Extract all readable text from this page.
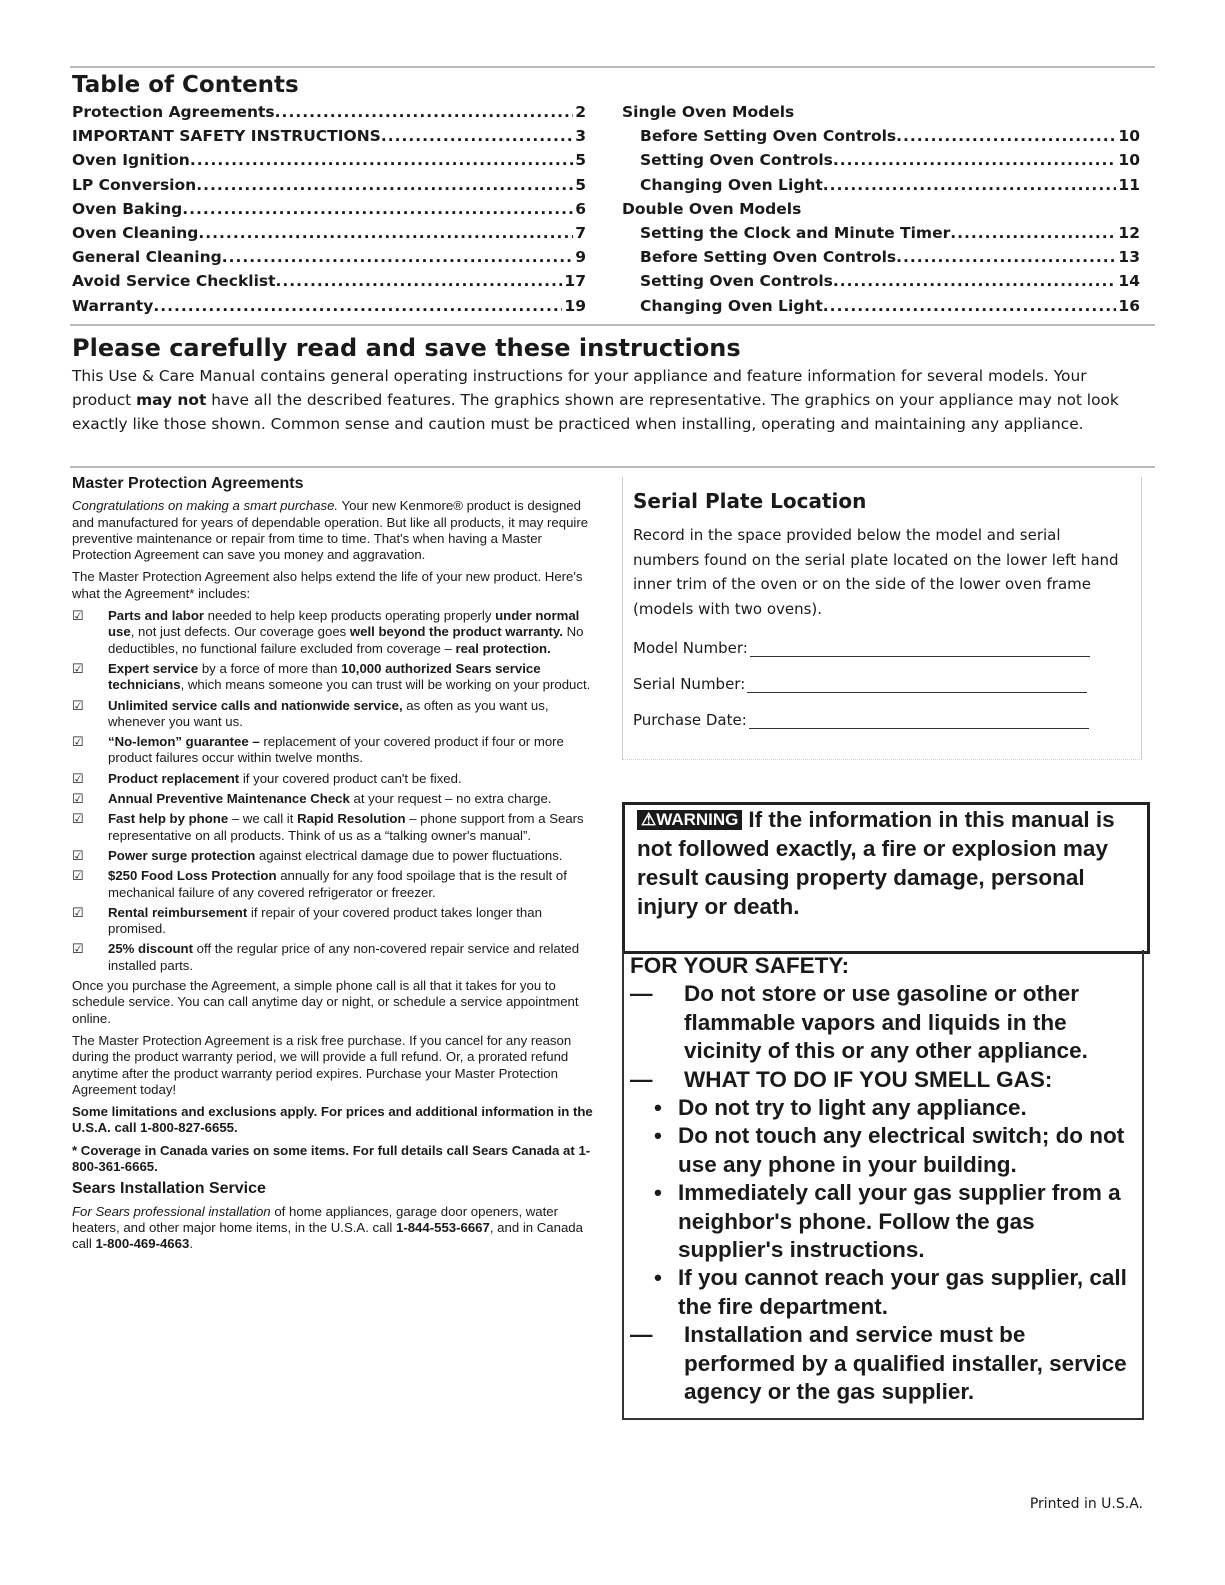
Table of Contents
Protection Agreements .....	2
IMPORTANT SAFETY INSTRUCTIONS .....	3
Oven Ignition .....	5
LP Conversion .....	5
Oven Baking .....	6
Oven Cleaning .....	7
General Cleaning .....	9
Avoid Service Checklist .....	17
Warranty .....	19
Single Oven Models
Before Setting Oven Controls .....	10
Setting Oven Controls .....	10
Changing Oven Light .....	11
Double Oven Models
Setting the Clock and Minute Timer .....	12
Before Setting Oven Controls .....	13
Setting Oven Controls .....	14
Changing Oven Light .....	16
Please carefully read and save these instructions
This Use & Care Manual contains general operating instructions for your appliance and feature information for several models. Your product may not have all the described features. The graphics shown are representative. The graphics on your appliance may not look exactly like those shown. Common sense and caution must be practiced when installing, operating and maintaining any appliance.
Master Protection Agreements

Congratulations on making a smart purchase. Your new Kenmore® product is designed and manufactured for years of dependable operation. But like all products, it may require preventive maintenance or repair from time to time. That's when having a Master Protection Agreement can save you money and aggravation.

The Master Protection Agreement also helps extend the life of your new product. Here's what the Agreement* includes:

☑	Parts and labor needed to help keep products operating properly under normal use, not just defects. Our coverage goes well beyond the product warranty. No deductibles, no functional failure excluded from coverage – real protection.
☑	Expert service by a force of more than 10,000 authorized Sears service technicians, which means someone you can trust will be working on your product.
☑	Unlimited service calls and nationwide service, as often as you want us, whenever you want us.
☑	“No-lemon” guarantee – replacement of your covered product if four or more product failures occur within twelve months.
☑	Product replacement if your covered product can't be fixed.
☑	Annual Preventive Maintenance Check at your request – no extra charge.
☑	Fast help by phone – we call it Rapid Resolution – phone support from a Sears representative on all products. Think of us as a “talking owner's manual”.
☑	Power surge protection against electrical damage due to power fluctuations.
☑	$250 Food Loss Protection annually for any food spoilage that is the result of mechanical failure of any covered refrigerator or freezer.
☑	Rental reimbursement if repair of your covered product takes longer than promised.
☑	25% discount off the regular price of any non-covered repair service and related installed parts.

Once you purchase the Agreement, a simple phone call is all that it takes for you to schedule service. You can call anytime day or night, or schedule a service appointment online.

The Master Protection Agreement is a risk free purchase. If you cancel for any reason during the product warranty period, we will provide a full refund. Or, a prorated refund anytime after the product warranty period expires. Purchase your Master Protection Agreement today!

Some limitations and exclusions apply. For prices and additional information in the U.S.A. call 1-800-827-6655.

* Coverage in Canada varies on some items. For full details call Sears Canada at 1-800-361-6665.

Sears Installation Service

For Sears professional installation of home appliances, garage door openers, water heaters, and other major home items, in the U.S.A. call 1-844-553-6667, and in Canada call 1-800-469-4663.

Serial Plate Location
Record in the space provided below the model and serial numbers found on the serial plate located on the lower left hand inner trim of the oven or on the side of the lower oven frame (models with two ovens).
Model Number:
Serial Number:
Purchase Date:
⚠WARNING If the information in this manual is not followed exactly, a fire or explosion may result causing property damage, personal injury or death.
FOR YOUR SAFETY:
—	Do not store or use gasoline or other flammable vapors and liquids in the vicinity of this or any other appliance.
—	WHAT TO DO IF YOU SMELL GAS:
• Do not try to light any appliance.
• Do not touch any electrical switch; do not use any phone in your building.
• Immediately call your gas supplier from a neighbor's phone. Follow the gas supplier's instructions.
• If you cannot reach your gas supplier, call the fire department.
—	Installation and service must be performed by a qualified installer, service agency or the gas supplier.
Printed in U.S.A.
